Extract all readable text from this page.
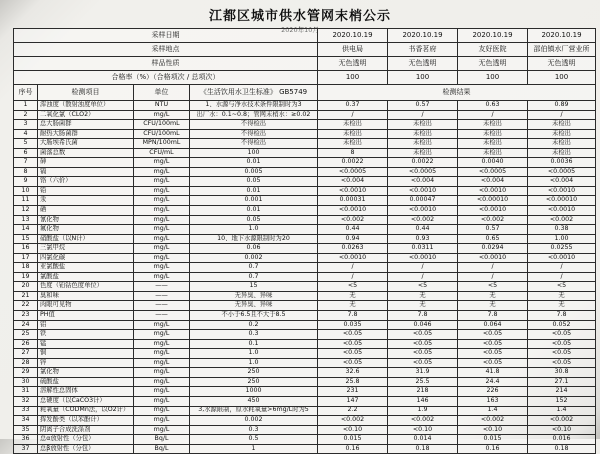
江都区城市供水管网末梢公示
2020年10月
采样日期				2020.10.19	2020.10.19	2020.10.19	2020.10.19
采样地点				供电局	书香茗府	友好医院	邵伯镇水厂营业所
样品性质				无色透明	无色透明	无色透明	无色透明
合格率（%）（合格项次 / 总项次）				100	100	100	100
序号	检测项目	单位	《生活饮用水卫生标准》 GB5749	检测结果			
1	浑浊度（散射浊度单位）	NTU	1、水源与净水技术条件限制时为3	0.37	0.57	0.63	0.89
2	二氧化氯（CLO2）	mg/L	出厂水：0.1~0.8；管网末梢水：≥0.02	/	/	/	/
3	总大肠菌群	CFU/100mL	不得检出	未检出	未检出	未检出	未检出
4	耐热大肠菌群	CFU/100mL	不得检出	未检出	未检出	未检出	未检出
5	大肠埃希氏菌	MPN/100mL	不得检出	未检出	未检出	未检出	未检出
6	菌落总数	CFU/mL	100	8	未检出	未检出	未检出
7	砷	mg/L	0.01	0.0022	0.0022	0.0040	0.0036
8	镉	mg/L	0.005	<0.0005	<0.0005	<0.0005	<0.0005
9	铬（六价）	mg/L	0.05	<0.004	<0.004	<0.004	<0.004
10	铅	mg/L	0.01	<0.0010	<0.0010	<0.0010	<0.0010
11	汞	mg/L	0.001	0.00031	0.00047	<0.00010	<0.00010
12	硒	mg/L	0.01	<0.0010	<0.0010	<0.0010	<0.0010
13	氰化物	mg/L	0.05	<0.002	<0.002	<0.002	<0.002
14	氟化物	mg/L	1.0	0.44	0.44	0.57	0.38
15	硝酸盐（以N计）	mg/L	10、地下水源限制时为20	0.94	0.93	0.65	1.00
16	三氯甲烷	mg/L	0.06	0.0263	0.0311	0.0294	0.0255
17	四氯化碳	mg/L	0.002	<0.0010	<0.0010	<0.0010	<0.0010
18	亚氯酸盐	mg/L	0.7	/	/	/	/
19	氯酸盐	mg/L	0.7	/	/	/	/
20	色度（铂钴色度单位）	——	15	<5	<5	<5	<5
21	臭和味	——	无异臭、异味	无	无	无	无
22	肉眼可见物	——	无异臭、异味	无	无	无	无
23	PH值	——	不小于6.5且不大于8.5	7.8	7.8	7.8	7.8
24	铝	mg/L	0.2	0.035	0.046	0.064	0.052
25	铁	mg/L	0.3	<0.05	<0.05	<0.05	<0.05
26	锰	mg/L	0.1	<0.05	<0.05	<0.05	<0.05
27	铜	mg/L	1.0	<0.05	<0.05	<0.05	<0.05
28	锌	mg/L	1.0	<0.05	<0.05	<0.05	<0.05
29	氯化物	mg/L	250	32.6	31.9	41.8	30.8
30	硫酸盐	mg/L	250	25.8	25.5	24.4	27.1
31	溶解性总固体	mg/L	1000	231	218	226	214
32	总硬度（以CaCO3计）	mg/L	450	147	146	163	152
33	耗氧量（CODMn法，以O2计）	mg/L	3,水源限制，原水耗氧量>6mg/L时为5	2.2	1.9	1.4	1.4
34	挥发酚类（以苯酚计）	mg/L	0.002	<0.002	<0.002	<0.002	<0.002
35	阴离子合成洗涤剂	mg/L	0.3	<0.10	<0.10	<0.10	<0.10
36	总α放射性（分包）	Bq/L	0.5	0.015	0.014	0.015	0.016
37	总β放射性（分包）	Bq/L	1	0.16	0.18	0.16	0.18
